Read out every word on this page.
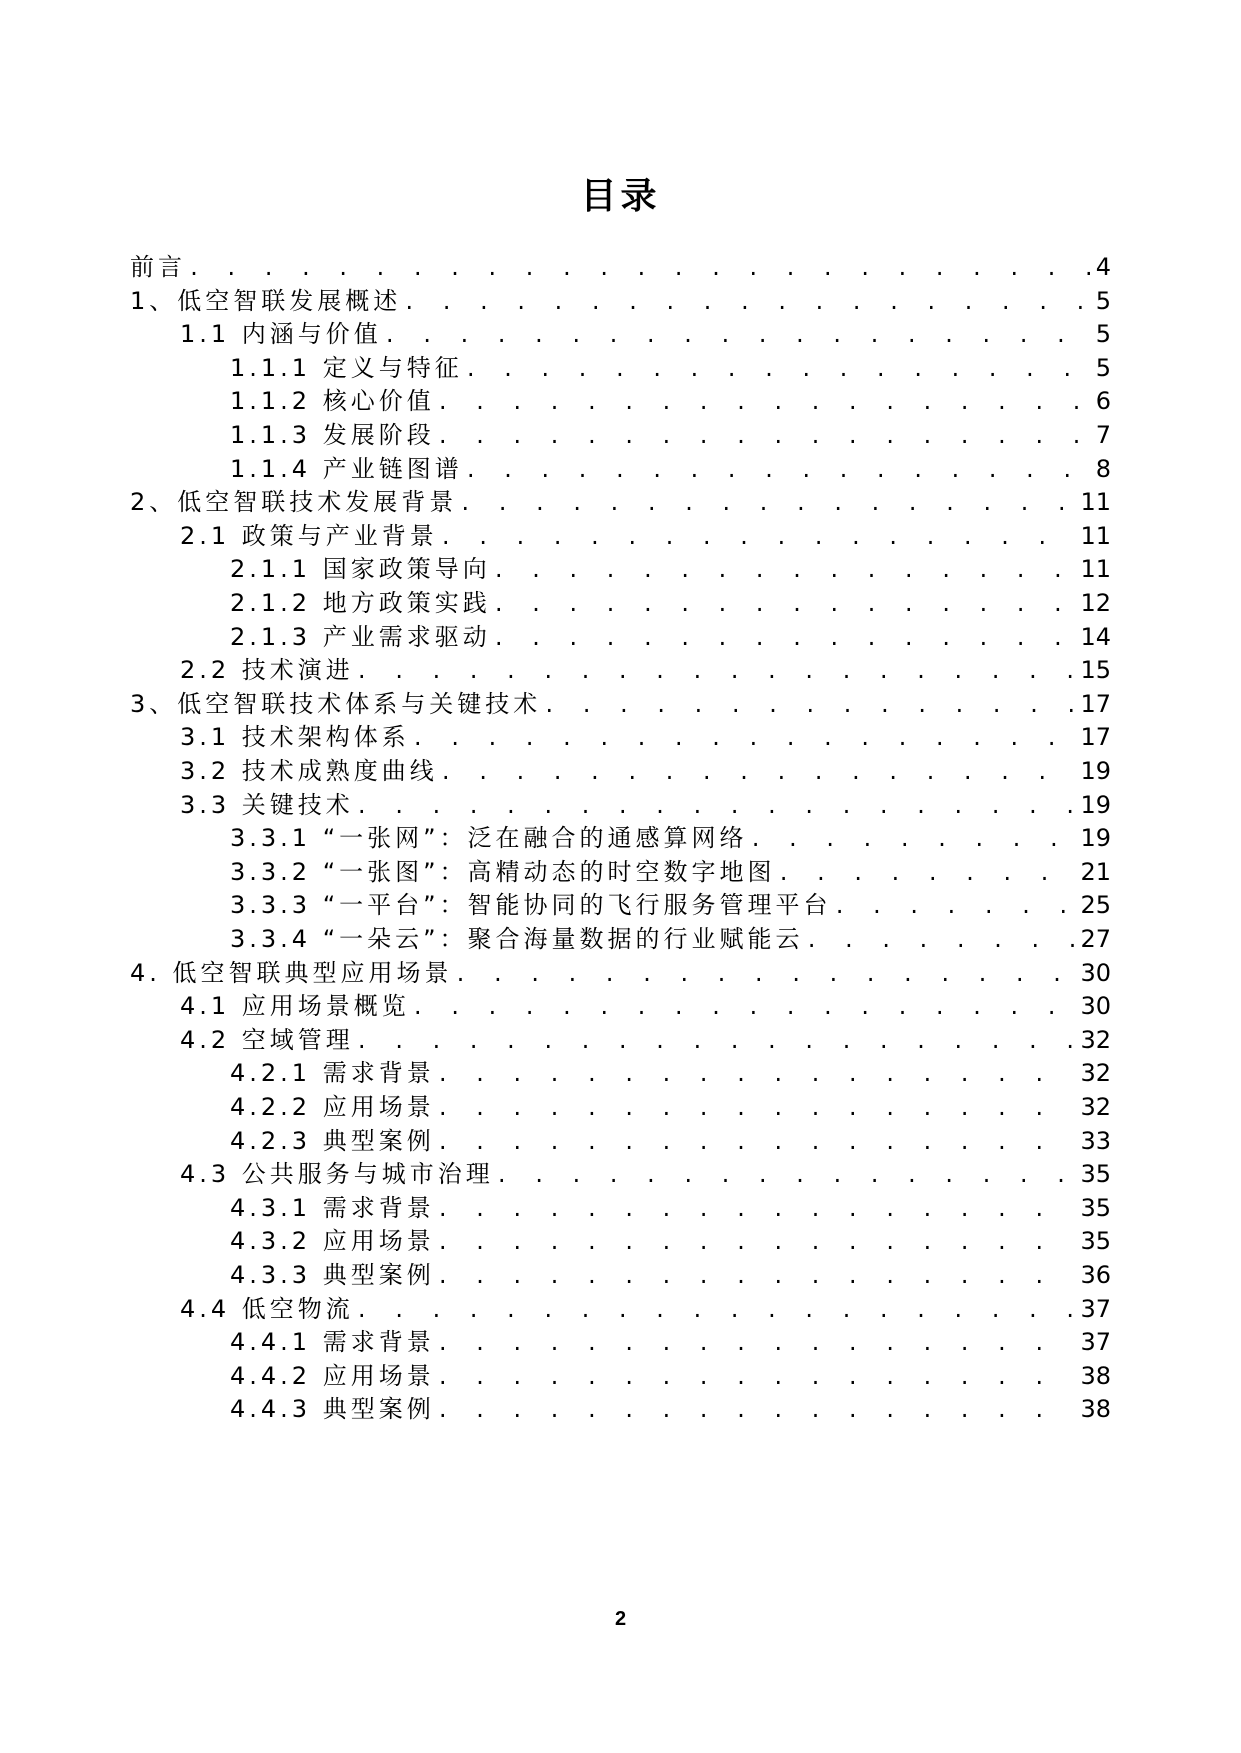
目录
前言 . . .	4
1、低空智联发展概述 . . .	5
1.1 内涵与价值 . . .	5
1.1.1 定义与特征 . . .	5
1.1.2 核心价值 . . .	6
1.1.3 发展阶段 . . .	7
1.1.4 产业链图谱 . . .	8
2、低空智联技术发展背景 . . .	11
2.1 政策与产业背景 . . .	11
2.1.1 国家政策导向 . . .	11
2.1.2 地方政策实践 . . .	12
2.1.3 产业需求驱动 . . .	14
2.2 技术演进 . . .	15
3、低空智联技术体系与关键技术 . . .	17
3.1 技术架构体系 . . .	17
3.2 技术成熟度曲线 . . .	19
3.3 关键技术 . . .	19
3.3.1 “一张网”：泛在融合的通感算网络 . . .	19
3.3.2 “一张图”：高精动态的时空数字地图 . . .	21
3.3.3 “一平台”：智能协同的飞行服务管理平台 . . .	25
3.3.4 “一朵云”：聚合海量数据的行业赋能云 . . .	27
4. 低空智联典型应用场景 . . .	30
4.1 应用场景概览 . . .	30
4.2 空域管理 . . .	32
4.2.1 需求背景 . . .	32
4.2.2 应用场景 . . .	32
4.2.3 典型案例 . . .	33
4.3 公共服务与城市治理 . . .	35
4.3.1 需求背景 . . .	35
4.3.2 应用场景 . . .	35
4.3.3 典型案例 . . .	36
4.4 低空物流 . . .	37
4.4.1 需求背景 . . .	37
4.4.2 应用场景 . . .	38
4.4.3 典型案例 . . .	38
2
